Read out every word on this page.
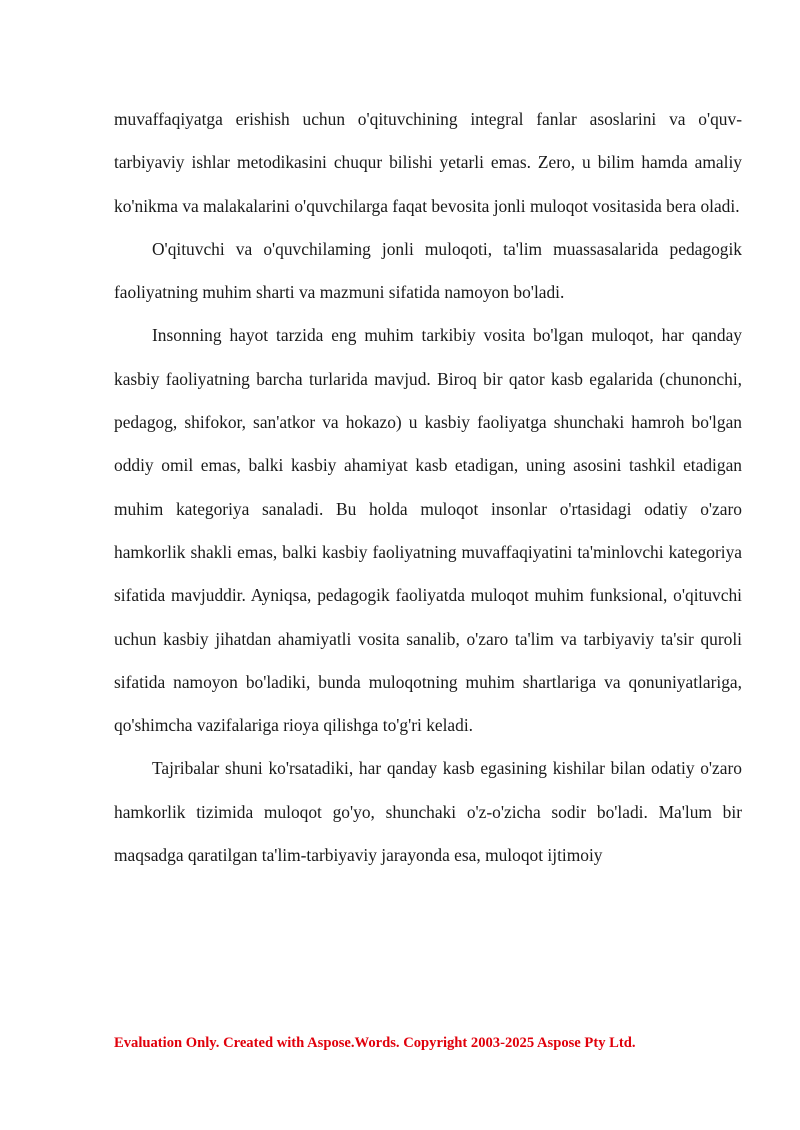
muvaffaqiyatga erishish uchun o'qituvchining integral fanlar asoslarini va o'quv-tarbiyaviy ishlar metodikasini chuqur bilishi yetarli emas. Zero, u bilim hamda amaliy ko'nikma va malakalarini o'quvchilarga faqat bevosita jonli muloqot vositasida bera oladi.

O'qituvchi va o'quvchilaming jonli muloqoti, ta'lim muassasalarida pedagogik faoliyatning muhim sharti va mazmuni sifatida namoyon bo'ladi.

Insonning hayot tarzida eng muhim tarkibiy vosita bo'lgan muloqot, har qanday kasbiy faoliyatning barcha turlarida mavjud. Biroq bir qator kasb egalarida (chunonchi, pedagog, shifokor, san'atkor va hokazo) u kasbiy faoliyatga shunchaki hamroh bo'lgan oddiy omil emas, balki kasbiy ahamiyat kasb etadigan, uning asosini tashkil etadigan muhim kategoriya sanaladi. Bu holda muloqot insonlar o'rtasidagi odatiy o'zaro hamkorlik shakli emas, balki kasbiy faoliyatning muvaffaqiyatini ta'minlovchi kategoriya sifatida mavjuddir. Ayniqsa, pedagogik faoliyatda muloqot muhim funksional, o'qituvchi uchun kasbiy jihatdan ahamiyatli vosita sanalib, o'zaro ta'lim va tarbiyaviy ta'sir quroli sifatida namoyon bo'ladiki, bunda muloqotning muhim shartlariga va qonuniyatlariga, qo'shimcha vazifalariga rioya qilishga to'g'ri keladi.

Tajribalar shuni ko'rsatadiki, har qanday kasb egasining kishilar bilan odatiy o'zaro hamkorlik tizimida muloqot go'yo, shunchaki o'z-o'zicha sodir bo'ladi. Ma'lum bir maqsadga qaratilgan ta'lim-tarbiyaviy jarayonda esa, muloqot ijtimoiy

Evaluation Only. Created with Aspose.Words. Copyright 2003-2025 Aspose Pty Ltd.
